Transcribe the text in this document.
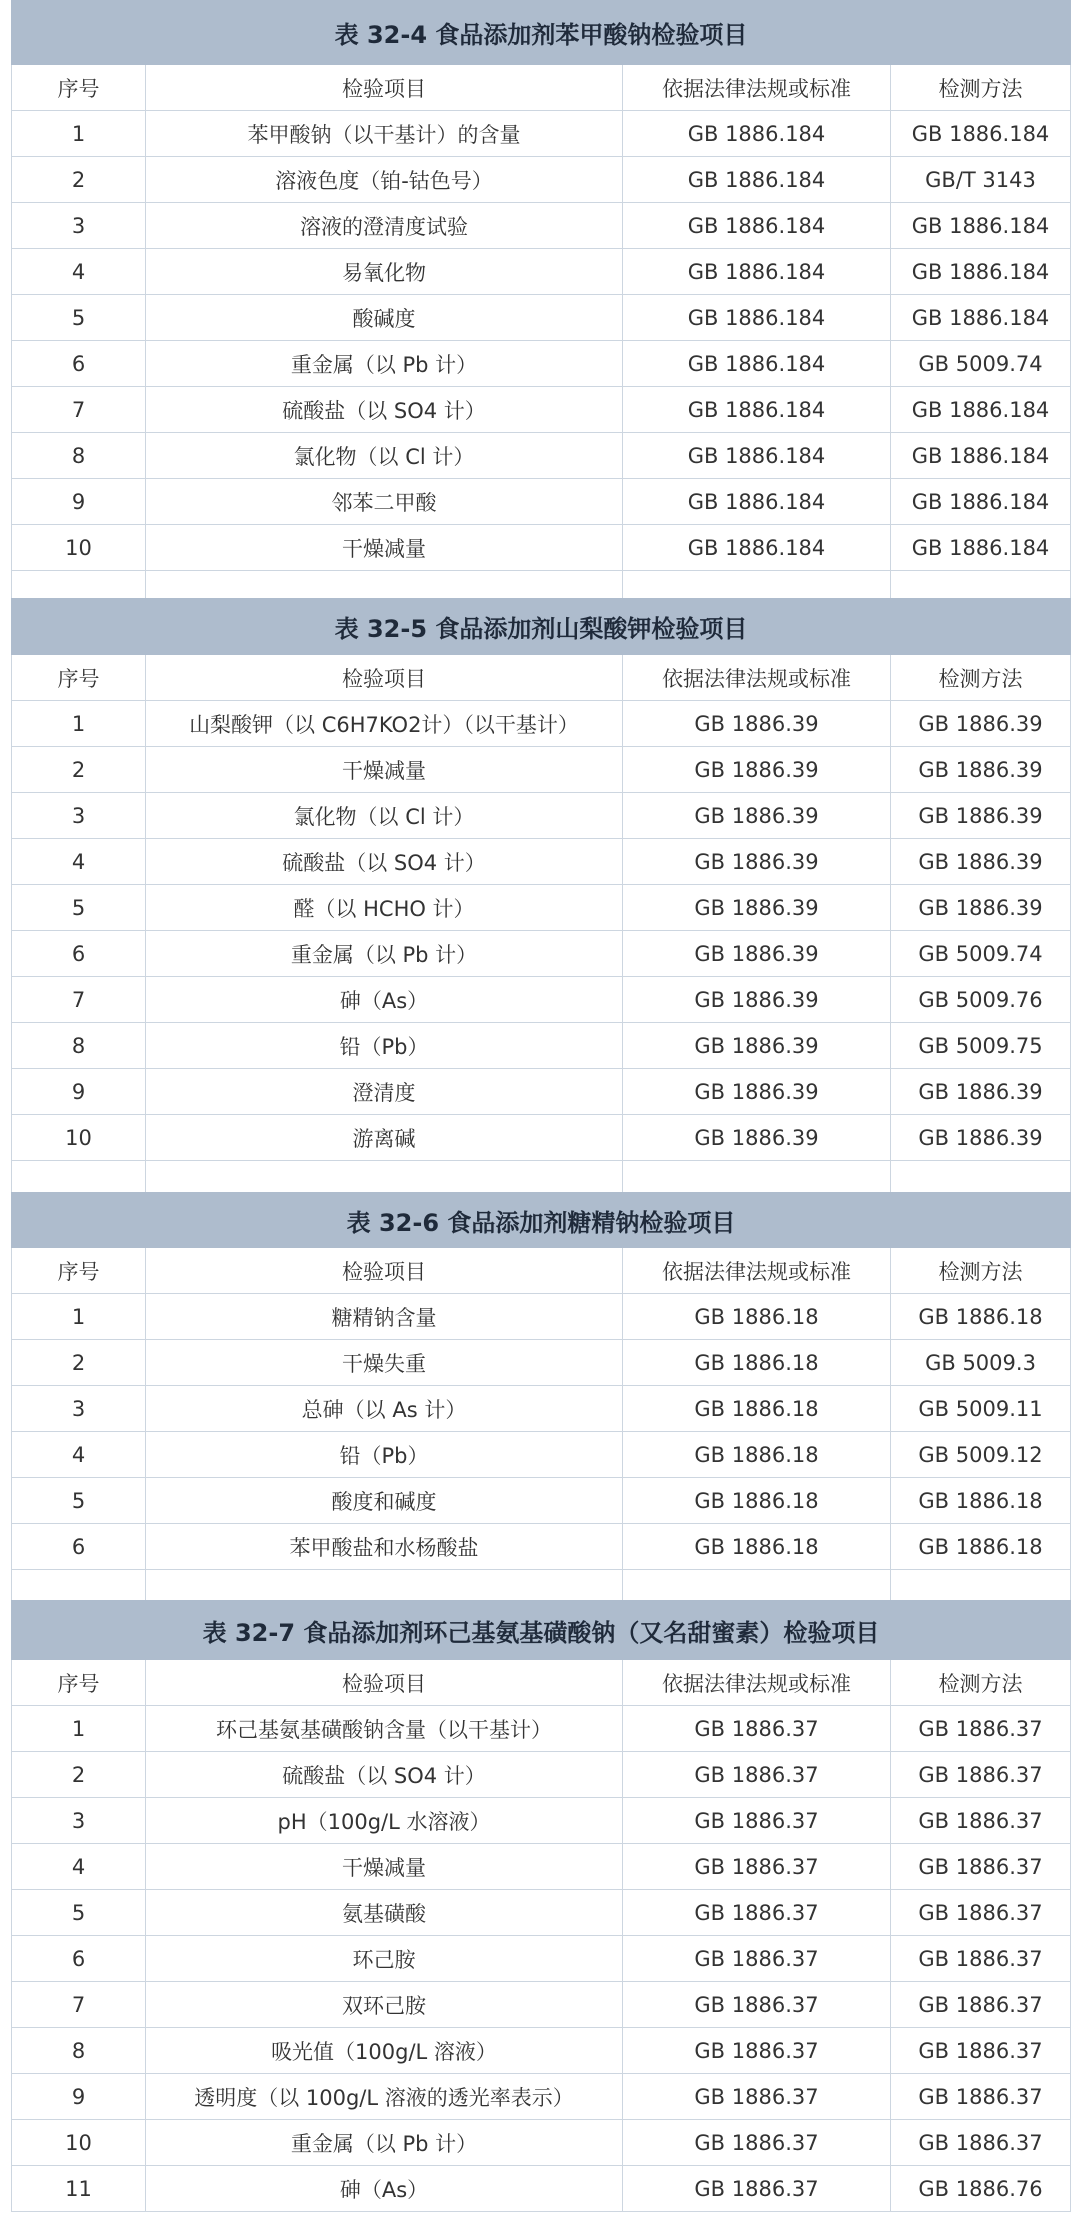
表 32-4 食品添加剂苯甲酸钠检验项目			
序号	检验项目	依据法律法规或标准	检测方法
1	苯甲酸钠（以干基计）的含量	GB 1886.184	GB 1886.184
2	溶液色度（铂-钴色号）	GB 1886.184	GB/T 3143
3	溶液的澄清度试验	GB 1886.184	GB 1886.184
4	易氧化物	GB 1886.184	GB 1886.184
5	酸碱度	GB 1886.184	GB 1886.184
6	重金属（以 Pb 计）	GB 1886.184	GB 5009.74
7	硫酸盐（以 SO4 计）	GB 1886.184	GB 1886.184
8	氯化物（以 Cl 计）	GB 1886.184	GB 1886.184
9	邻苯二甲酸	GB 1886.184	GB 1886.184
10	干燥减量	GB 1886.184	GB 1886.184

表 32-5 食品添加剂山梨酸钾检验项目			
序号	检验项目	依据法律法规或标准	检测方法
1	山梨酸钾（以 C6H7KO2计）（以干基计）	GB 1886.39	GB 1886.39
2	干燥减量	GB 1886.39	GB 1886.39
3	氯化物（以 Cl 计）	GB 1886.39	GB 1886.39
4	硫酸盐（以 SO4 计）	GB 1886.39	GB 1886.39
5	醛（以 HCHO 计）	GB 1886.39	GB 1886.39
6	重金属（以 Pb 计）	GB 1886.39	GB 5009.74
7	砷（As）	GB 1886.39	GB 5009.76
8	铅（Pb）	GB 1886.39	GB 5009.75
9	澄清度	GB 1886.39	GB 1886.39
10	游离碱	GB 1886.39	GB 1886.39

表 32-6 食品添加剂糖精钠检验项目			
序号	检验项目	依据法律法规或标准	检测方法
1	糖精钠含量	GB 1886.18	GB 1886.18
2	干燥失重	GB 1886.18	GB 5009.3
3	总砷（以 As 计）	GB 1886.18	GB 5009.11
4	铅（Pb）	GB 1886.18	GB 5009.12
5	酸度和碱度	GB 1886.18	GB 1886.18
6	苯甲酸盐和水杨酸盐	GB 1886.18	GB 1886.18

表 32-7 食品添加剂环己基氨基磺酸钠（又名甜蜜素）检验项目			
序号	检验项目	依据法律法规或标准	检测方法
1	环己基氨基磺酸钠含量（以干基计）	GB 1886.37	GB 1886.37
2	硫酸盐（以 SO4 计）	GB 1886.37	GB 1886.37
3	pH（100g/L 水溶液）	GB 1886.37	GB 1886.37
4	干燥减量	GB 1886.37	GB 1886.37
5	氨基磺酸	GB 1886.37	GB 1886.37
6	环己胺	GB 1886.37	GB 1886.37
7	双环己胺	GB 1886.37	GB 1886.37
8	吸光值（100g/L 溶液）	GB 1886.37	GB 1886.37
9	透明度（以 100g/L 溶液的透光率表示）	GB 1886.37	GB 1886.37
10	重金属（以 Pb 计）	GB 1886.37	GB 1886.37
11	砷（As）	GB 1886.37	GB 1886.76
